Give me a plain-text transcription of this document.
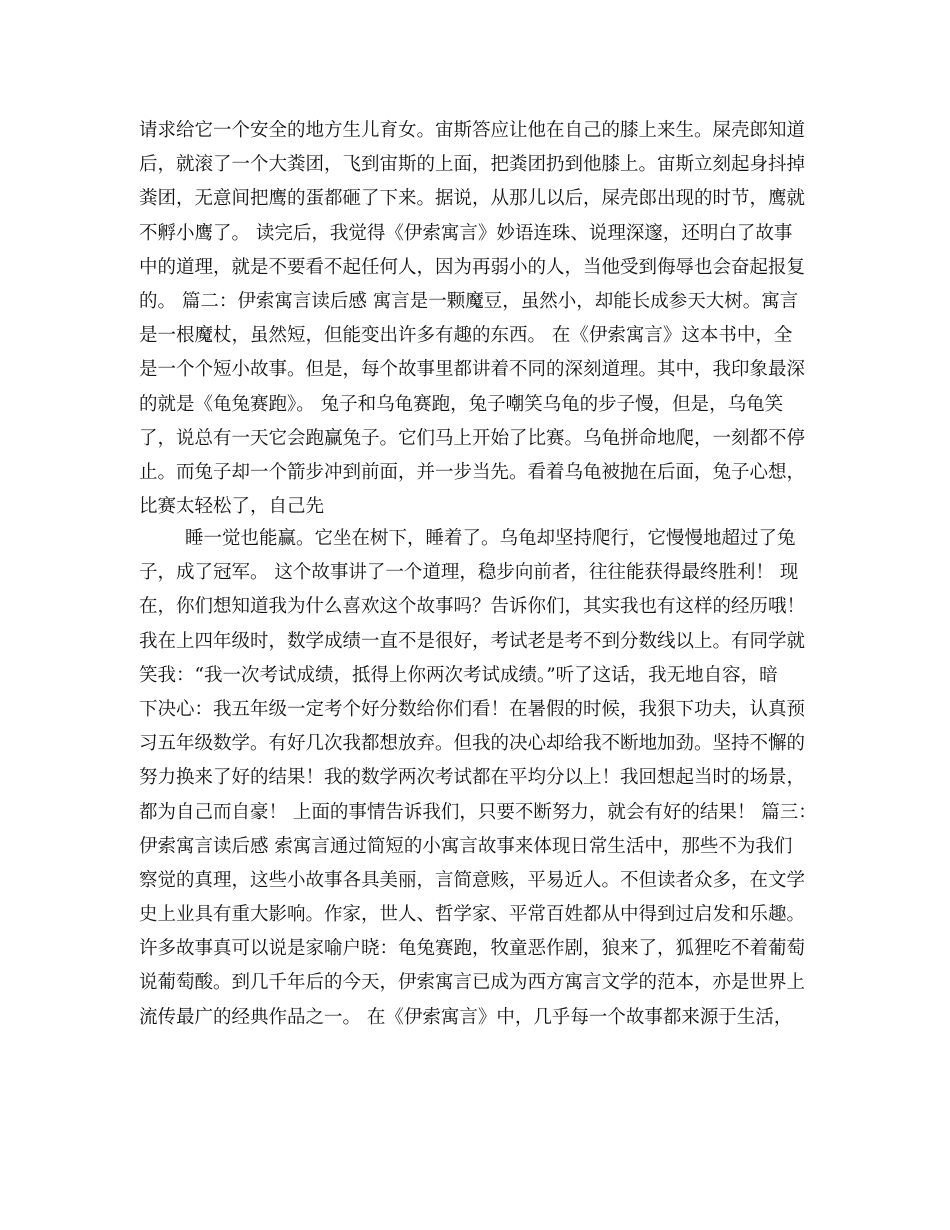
请求给它一个安全的地方生儿育女。宙斯答应让他在自己的膝上来生。屎壳郎知道
后，就滚了一个大粪团，飞到宙斯的上面，把粪团扔到他膝上。宙斯立刻起身抖掉
粪团，无意间把鹰的蛋都砸了下来。据说，从那儿以后，屎壳郎出现的时节，鹰就
不孵小鹰了。 读完后，我觉得《伊索寓言》妙语连珠、说理深邃，还明白了故事
中的道理，就是不要看不起任何人，因为再弱小的人，当他受到侮辱也会奋起报复
的。 篇二：伊索寓言读后感 寓言是一颗魔豆，虽然小，却能长成参天大树。寓言
是一根魔杖，虽然短，但能变出许多有趣的东西。 在《伊索寓言》这本书中，全
是一个个短小故事。但是，每个故事里都讲着不同的深刻道理。其中，我印象最深
的就是《龟兔赛跑》。 兔子和乌龟赛跑，兔子嘲笑乌龟的步子慢，但是，乌龟笑
了，说总有一天它会跑赢兔子。它们马上开始了比赛。乌龟拼命地爬，一刻都不停
止。而兔子却一个箭步冲到前面，并一步当先。看着乌龟被抛在后面，兔子心想，
比赛太轻松了，自己先
睡一觉也能赢。它坐在树下，睡着了。乌龟却坚持爬行，它慢慢地超过了兔
子，成了冠军。 这个故事讲了一个道理，稳步向前者，往往能获得最终胜利！ 现
在，你们想知道我为什么喜欢这个故事吗？告诉你们，其实我也有这样的经历哦！
我在上四年级时，数学成绩一直不是很好，考试老是考不到分数线以上。有同学就
笑我：“我一次考试成绩，抵得上你两次考试成绩。”听了这话，我无地自容，暗
下决心：我五年级一定考个好分数给你们看！在暑假的时候，我狠下功夫，认真预
习五年级数学。有好几次我都想放弃。但我的决心却给我不断地加劲。坚持不懈的
努力换来了好的结果！我的数学两次考试都在平均分以上！我回想起当时的场景，
都为自己而自豪！ 上面的事情告诉我们，只要不断努力，就会有好的结果！ 篇三：
伊索寓言读后感 索寓言通过简短的小寓言故事来体现日常生活中，那些不为我们
察觉的真理，这些小故事各具美丽，言简意赅，平易近人。不但读者众多，在文学
史上业具有重大影响。作家，世人、哲学家、平常百姓都从中得到过启发和乐趣。
许多故事真可以说是家喻户晓：龟兔赛跑，牧童恶作剧，狼来了，狐狸吃不着葡萄
说葡萄酸。到几千年后的今天，伊索寓言已成为西方寓言文学的范本，亦是世界上
流传最广的经典作品之一。 在《伊索寓言》中，几乎每一个故事都来源于生活，
